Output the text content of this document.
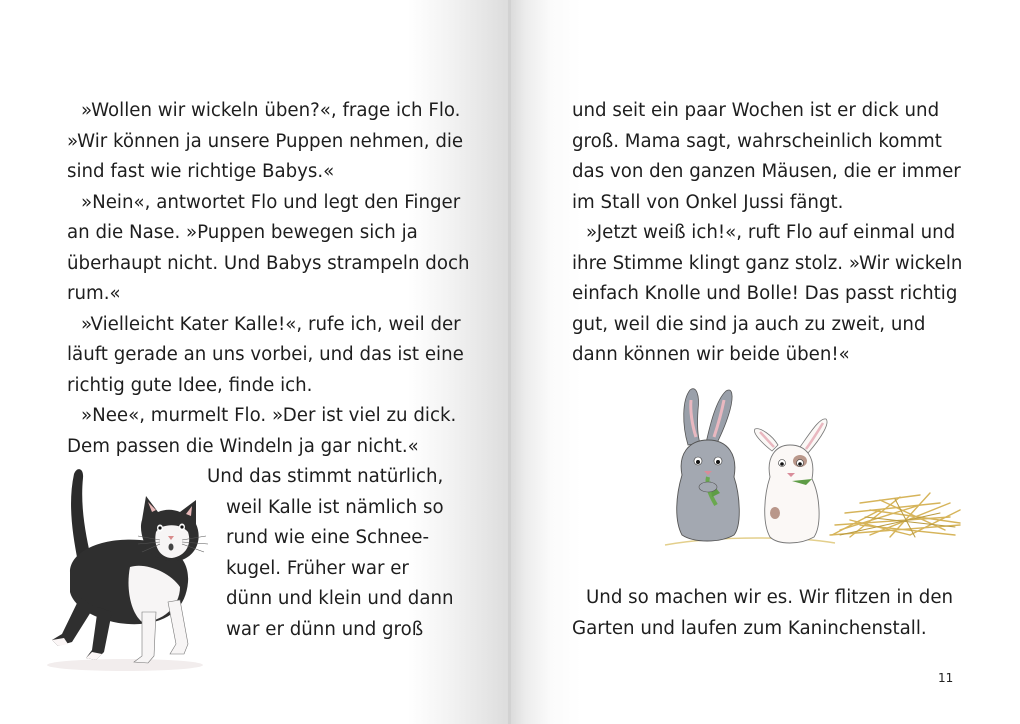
»Wollen wir wickeln üben?«, frage ich Flo.

»Wir können ja unsere Puppen nehmen, die

sind fast wie richtige Babys.«

»Nein«, antwortet Flo und legt den Finger

an die Nase. »Puppen bewegen sich ja

überhaupt nicht. Und Babys strampeln doch

rum.«

»Vielleicht Kater Kalle!«, rufe ich, weil der

läuft gerade an uns vorbei, und das ist eine

richtig gute Idee, finde ich.

»Nee«, murmelt Flo. »Der ist viel zu dick.

Dem passen die Windeln ja gar nicht.«

Und das stimmt natürlich,

weil Kalle ist nämlich so

rund wie eine Schnee-

kugel. Früher war er

dünn und klein und dann

war er dünn und groß

und seit ein paar Wochen ist er dick und

groß. Mama sagt, wahrscheinlich kommt

das von den ganzen Mäusen, die er immer

im Stall von Onkel Jussi fängt.

»Jetzt weiß ich!«, ruft Flo auf einmal und

ihre Stimme klingt ganz stolz. »Wir wickeln

einfach Knolle und Bolle! Das passt richtig

gut, weil die sind ja auch zu zweit, und

dann können wir beide üben!«

Und so machen wir es. Wir flitzen in den

Garten und laufen zum Kaninchenstall.

11
